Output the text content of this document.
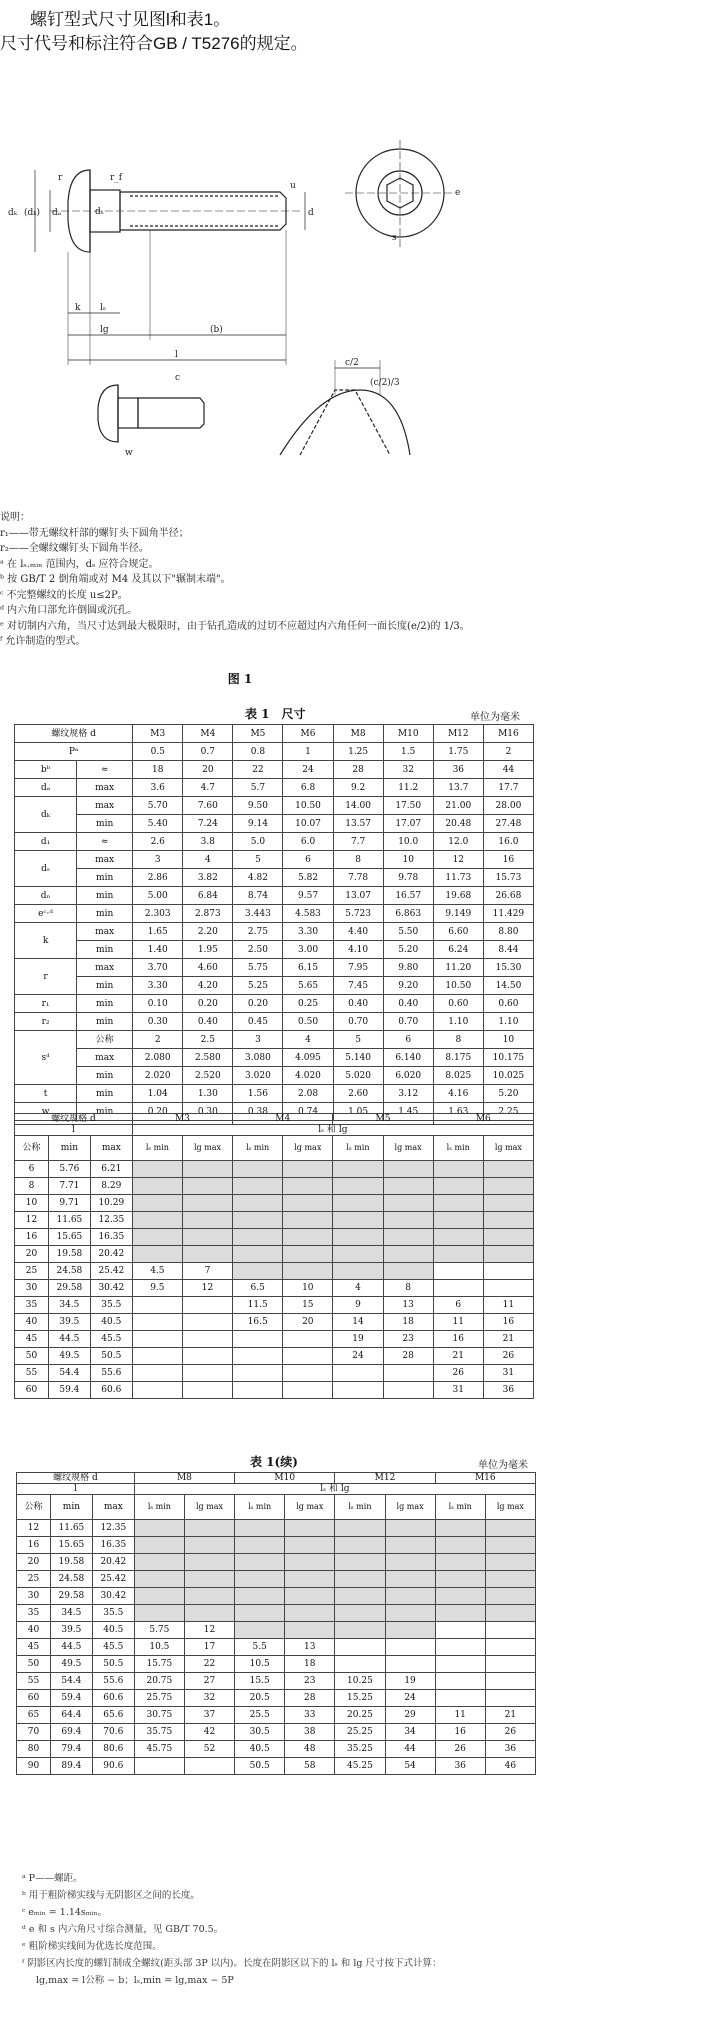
螺钉型式尺寸见图l和表1。
尺寸代号和标注符合GB / T5276的规定。
(dₖ) dₐ	dₛ	d
dₖ
k lₛ
lg	(b)
l
e
s
w
c
c/2
(c/2)/3
r	r_f
u
说明：
r₁——带无螺纹杆部的螺钉头下圆角半径；
r₂——全螺纹螺钉头下圆角半径。
ᵃ 在 lₛ.ₘᵢₙ 范围内，dₛ 应符合规定。
ᵇ 按 GB/T 2 倒角端或对 M4 及其以下"辗制末端"。
ᶜ 不完整螺纹的长度 u≤2P。
ᵈ 内六角口部允许倒圆或沉孔。
ᵉ 对切制内六角，当尺寸达到最大极限时，由于钻孔造成的过切不应超过内六角任何一面长度(e/2)的 1/3。
ᶠ 允许制造的型式。
图 1
表 1　尺寸	单位为毫米
螺纹规格 d		M3	M4	M5	M6	M8	M10	M12	M16
Pᵃ		0.5	0.7	0.8	1	1.25	1.5	1.75	2
bᵇ	≈	18	20	22	24	28	32	36	44
dₐ	max	3.6	4.7	5.7	6.8	9.2	11.2	13.7	17.7
dₖ	max	5.70	7.60	9.50	10.50	14.00	17.50	21.00	28.00
	min	5.40	7.24	9.14	10.07	13.57	17.07	20.48	27.48
d₁	≈	2.6	3.8	5.0	6.0	7.7	10.0	12.0	16.0
dₛ	max	3	4	5	6	8	10	12	16
	min	2.86	3.82	4.82	5.82	7.78	9.78	11.73	15.73
dₙ	min	5.00	6.84	8.74	9.57	13.07	16.57	19.68	26.68
eᶜ·ᵈ	min	2.303	2.873	3.443	4.583	5.723	6.863	9.149	11.429
k	max	1.65	2.20	2.75	3.30	4.40	5.50	6.60	8.80
	min	1.40	1.95	2.50	3.00	4.10	5.20	6.24	8.44
r	max	3.70	4.60	5.75	6.15	7.95	9.80	11.20	15.30
	min	3.30	4.20	5.25	5.65	7.45	9.20	10.50	14.50
r₁	min	0.10	0.20	0.20	0.25	0.40	0.40	0.60	0.60
r₂	min	0.30	0.40	0.45	0.50	0.70	0.70	1.10	1.10
sᵈ	公称	2	2.5	3	4	5	6	8	10
	max	2.080	2.580	3.080	4.095	5.140	6.140	8.175	10.175
	min	2.020	2.520	3.020	4.020	5.020	6.020	8.025	10.025
t	min	1.04	1.30	1.56	2.08	2.60	3.12	4.16	5.20
w	min	0.20	0.30	0.38	0.74	1.05	1.45	1.63	2.25
螺纹规格 d			M3		M4		M5		M6	
l			lₛ 和 lg							
公称	min	max	lₛ min	lg max	lₛ min	lg max	lₛ min	lg max	lₛ min	lg max
6	5.76	6.21								
8	7.71	8.29								
10	9.71	10.29								
12	11.65	12.35								
16	15.65	16.35								
20	19.58	20.42								
25	24.58	25.42	4.5	7						
30	29.58	30.42	9.5	12	6.5	10	4	8		
35	34.5	35.5			11.5	15	9	13	6	11
40	39.5	40.5			16.5	20	14	18	11	16
45	44.5	45.5					19	23	16	21
50	49.5	50.5					24	28	21	26
55	54.4	55.6							26	31
60	59.4	60.6							31	36
表 1(续)	单位为毫米
螺纹规格 d			M8		M10		M12		M16	
l			lₛ 和 lg							
公称	min	max	lₛ min	lg max	lₛ min	lg max	lₛ min	lg max	lₛ min	lg max
12	11.65	12.35								
16	15.65	16.35								
20	19.58	20.42								
25	24.58	25.42								
30	29.58	30.42								
35	34.5	35.5								
40	39.5	40.5	5.75	12						
45	44.5	45.5	10.5	17	5.5	13				
50	49.5	50.5	15.75	22	10.5	18				
55	54.4	55.6	20.75	27	15.5	23	10.25	19		
60	59.4	60.6	25.75	32	20.5	28	15.25	24		
65	64.4	65.6	30.75	37	25.5	33	20.25	29	11	21
70	69.4	70.6	35.75	42	30.5	38	25.25	34	16	26
80	79.4	80.6	45.75	52	40.5	48	35.25	44	26	36
90	89.4	90.6			50.5	58	45.25	54	36	46
ᵃ P——螺距。
ᵇ 用于粗阶梯实线与无阴影区之间的长度。
ᶜ eₘᵢₙ = 1.14sₘᵢₙ。
ᵈ e 和 s 内六角尺寸综合测量，见 GB/T 70.5。
ᵉ 粗阶梯实线间为优选长度范围。
ᶠ 阴影区内长度的螺钉制成全螺纹(距头部 3P 以内)。长度在阴影区以下的 lₛ 和 lg 尺寸按下式计算：
lg,max = l公称 − b；lₛ,min = lg,max − 5P
